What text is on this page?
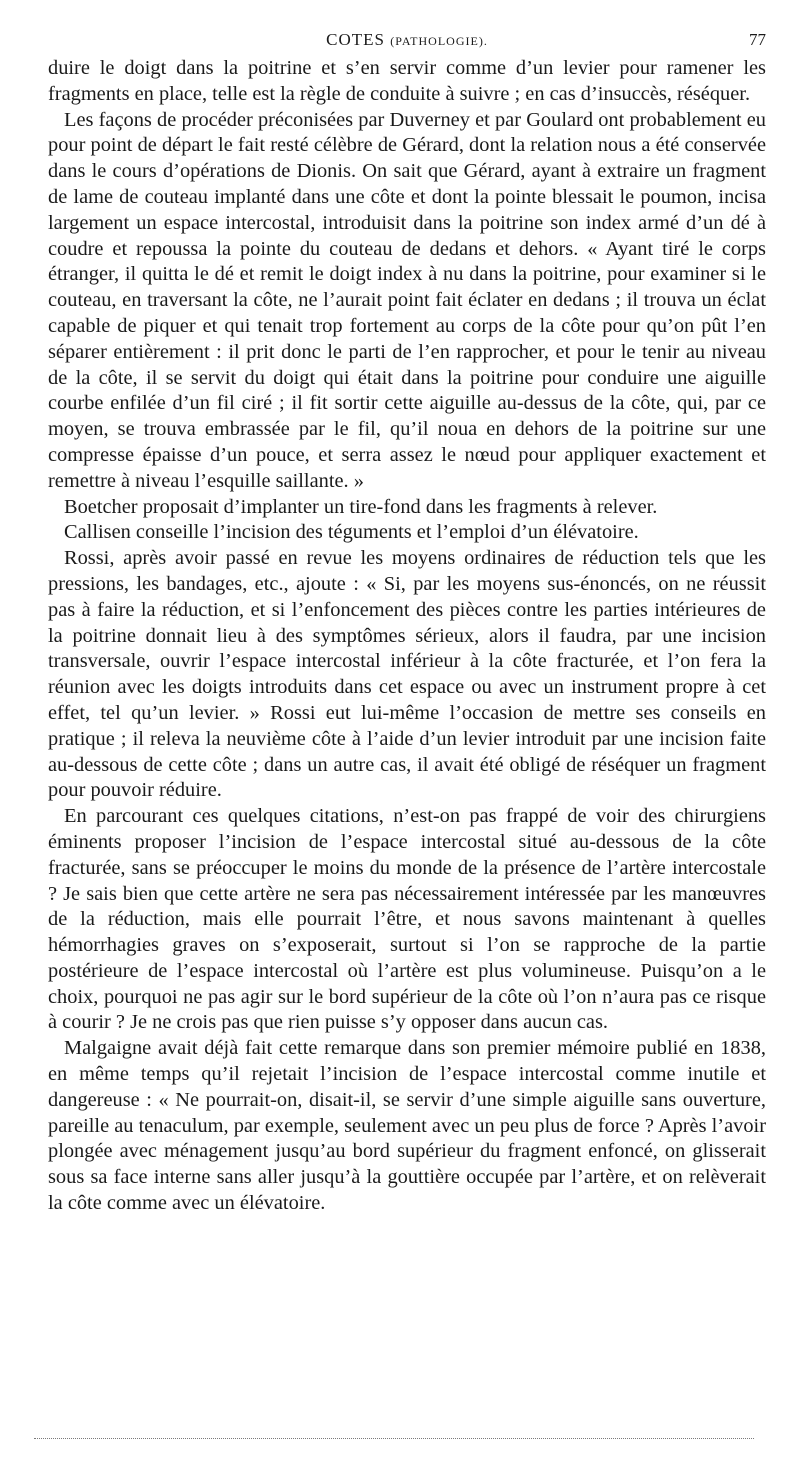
COTES (PATHOLOGIE).	77

duire le doigt dans la poitrine et s’en servir comme d’un levier pour ramener les fragments en place, telle est la règle de conduite à suivre ; en cas d’insuccès, réséquer.

Les façons de procéder préconisées par Duverney et par Goulard ont probablement eu pour point de départ le fait resté célèbre de Gérard, dont la relation nous a été conservée dans le cours d’opérations de Dionis. On sait que Gérard, ayant à extraire un fragment de lame de couteau implanté dans une côte et dont la pointe blessait le poumon, incisa largement un espace intercostal, introduisit dans la poitrine son index armé d’un dé à coudre et repoussa la pointe du couteau de dedans et dehors. « Ayant tiré le corps étranger, il quitta le dé et remit le doigt index à nu dans la poitrine, pour examiner si le couteau, en traversant la côte, ne l’aurait point fait éclater en dedans ; il trouva un éclat capable de piquer et qui tenait trop fortement au corps de la côte pour qu’on pût l’en séparer entièrement : il prit donc le parti de l’en rapprocher, et pour le tenir au niveau de la côte, il se servit du doigt qui était dans la poitrine pour conduire une aiguille courbe enfilée d’un fil ciré ; il fit sortir cette aiguille au-dessus de la côte, qui, par ce moyen, se trouva embrassée par le fil, qu’il noua en dehors de la poitrine sur une compresse épaisse d’un pouce, et serra assez le nœud pour appliquer exactement et remettre à niveau l’esquille saillante. »

Boetcher proposait d’implanter un tire-fond dans les fragments à relever.

Callisen conseille l’incision des téguments et l’emploi d’un élévatoire.

Rossi, après avoir passé en revue les moyens ordinaires de réduction tels que les pressions, les bandages, etc., ajoute : « Si, par les moyens sus-énoncés, on ne réussit pas à faire la réduction, et si l’enfoncement des pièces contre les parties intérieures de la poitrine donnait lieu à des symptômes sérieux, alors il faudra, par une incision transversale, ouvrir l’espace intercostal inférieur à la côte fracturée, et l’on fera la réunion avec les doigts introduits dans cet espace ou avec un instrument propre à cet effet, tel qu’un levier. » Rossi eut lui-même l’occasion de mettre ses conseils en pratique ; il releva la neuvième côte à l’aide d’un levier introduit par une incision faite au-dessous de cette côte ; dans un autre cas, il avait été obligé de réséquer un fragment pour pouvoir réduire.

En parcourant ces quelques citations, n’est-on pas frappé de voir des chirurgiens éminents proposer l’incision de l’espace intercostal situé au-dessous de la côte fracturée, sans se préoccuper le moins du monde de la présence de l’artère intercostale ? Je sais bien que cette artère ne sera pas nécessairement intéressée par les manœuvres de la réduction, mais elle pourrait l’être, et nous savons maintenant à quelles hémorrhagies graves on s’exposerait, surtout si l’on se rapproche de la partie postérieure de l’espace intercostal où l’artère est plus volumineuse. Puisqu’on a le choix, pourquoi ne pas agir sur le bord supérieur de la côte où l’on n’aura pas ce risque à courir ? Je ne crois pas que rien puisse s’y opposer dans aucun cas.

Malgaigne avait déjà fait cette remarque dans son premier mémoire publié en 1838, en même temps qu’il rejetait l’incision de l’espace intercostal comme inutile et dangereuse : « Ne pourrait-on, disait-il, se servir d’une simple aiguille sans ouverture, pareille au tenaculum, par exemple, seulement avec un peu plus de force ? Après l’avoir plongée avec ménagement jusqu’au bord supérieur du fragment enfoncé, on glisserait sous sa face interne sans aller jusqu’à la gouttière occupée par l’artère, et on relèverait la côte comme avec un élévatoire.
